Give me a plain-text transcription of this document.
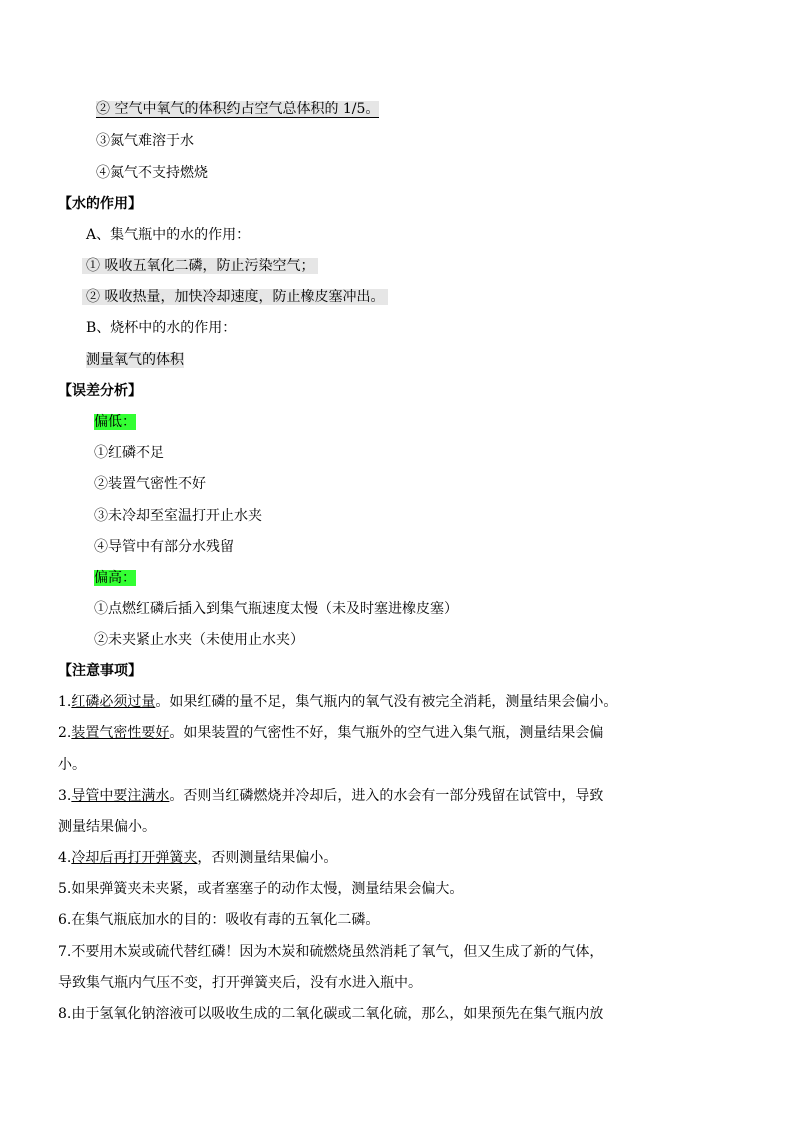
② 空气中氧气的体积约占空气总体积的 1/5。
③氮气难溶于水
④氮气不支持燃烧
【水的作用】
A、集气瓶中的水的作用：
① 吸收五氧化二磷，防止污染空气；
② 吸收热量，加快冷却速度，防止橡皮塞冲出。
B、烧杯中的水的作用：
测量氧气的体积
【误差分析】
偏低：
①红磷不足
②装置气密性不好
③未冷却至室温打开止水夹
④导管中有部分水残留
偏高：
①点燃红磷后插入到集气瓶速度太慢（未及时塞进橡皮塞）
②未夹紧止水夹（未使用止水夹）
【注意事项】
1.红磷必须过量。如果红磷的量不足，集气瓶内的氧气没有被完全消耗，测量结果会偏小。
2.装置气密性要好。如果装置的气密性不好，集气瓶外的空气进入集气瓶，测量结果会偏
小。
3.导管中要注满水。否则当红磷燃烧并冷却后，进入的水会有一部分残留在试管中，导致
测量结果偏小。
4.冷却后再打开弹簧夹，否则测量结果偏小。
5.如果弹簧夹未夹紧，或者塞塞子的动作太慢，测量结果会偏大。
6.在集气瓶底加水的目的：吸收有毒的五氧化二磷。
7.不要用木炭或硫代替红磷！因为木炭和硫燃烧虽然消耗了氧气，但又生成了新的气体，
导致集气瓶内气压不变，打开弹簧夹后，没有水进入瓶中。
8.由于氢氧化钠溶液可以吸收生成的二氧化碳或二氧化硫，那么，如果预先在集气瓶内放
